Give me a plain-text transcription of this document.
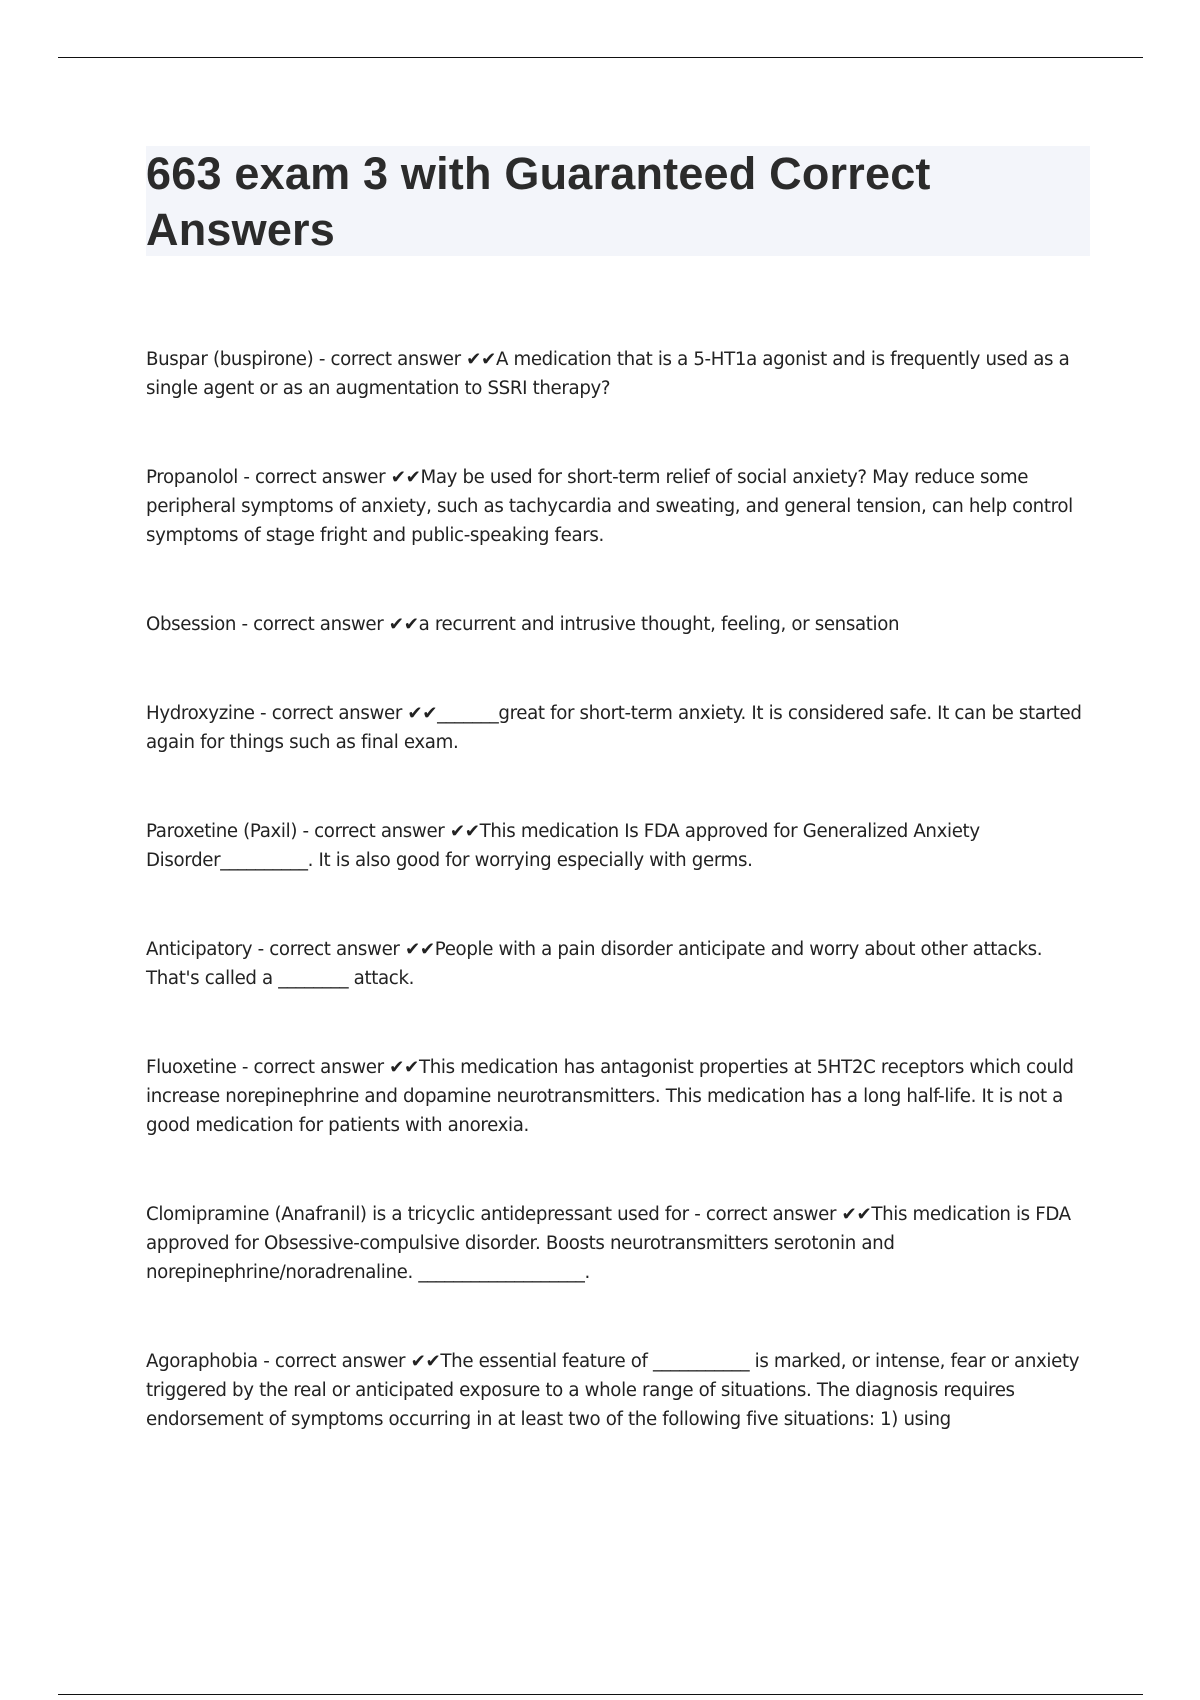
663 exam 3 with Guaranteed Correct Answers

Buspar (buspirone) - correct answer ✔✔A medication that is a 5-HT1a agonist and is frequently used as a single agent or as an augmentation to SSRI therapy?

Propanolol - correct answer ✔✔May be used for short-term relief of social anxiety? May reduce some peripheral symptoms of anxiety, such as tachycardia and sweating, and general tension, can help control symptoms of stage fright and public-speaking fears.

Obsession - correct answer ✔✔a recurrent and intrusive thought, feeling, or sensation

Hydroxyzine - correct answer ✔✔_______great for short-term anxiety. It is considered safe. It can be started again for things such as final exam.

Paroxetine (Paxil) - correct answer ✔✔This medication Is FDA approved for Generalized Anxiety Disorder__________. It is also good for worrying especially with germs.

Anticipatory - correct answer ✔✔People with a pain disorder anticipate and worry about other attacks. That's called a ________ attack.

Fluoxetine - correct answer ✔✔This medication has antagonist properties at 5HT2C receptors which could increase norepinephrine and dopamine neurotransmitters. This medication has a long half-life. It is not a good medication for patients with anorexia.

Clomipramine (Anafranil) is a tricyclic antidepressant used for - correct answer ✔✔This medication is FDA approved for Obsessive-compulsive disorder. Boosts neurotransmitters serotonin and norepinephrine/noradrenaline. ___________________.

Agoraphobia - correct answer ✔✔The essential feature of ___________ is marked, or intense, fear or anxiety triggered by the real or anticipated exposure to a whole range of situations. The diagnosis requires endorsement of symptoms occurring in at least two of the following five situations: 1) using
